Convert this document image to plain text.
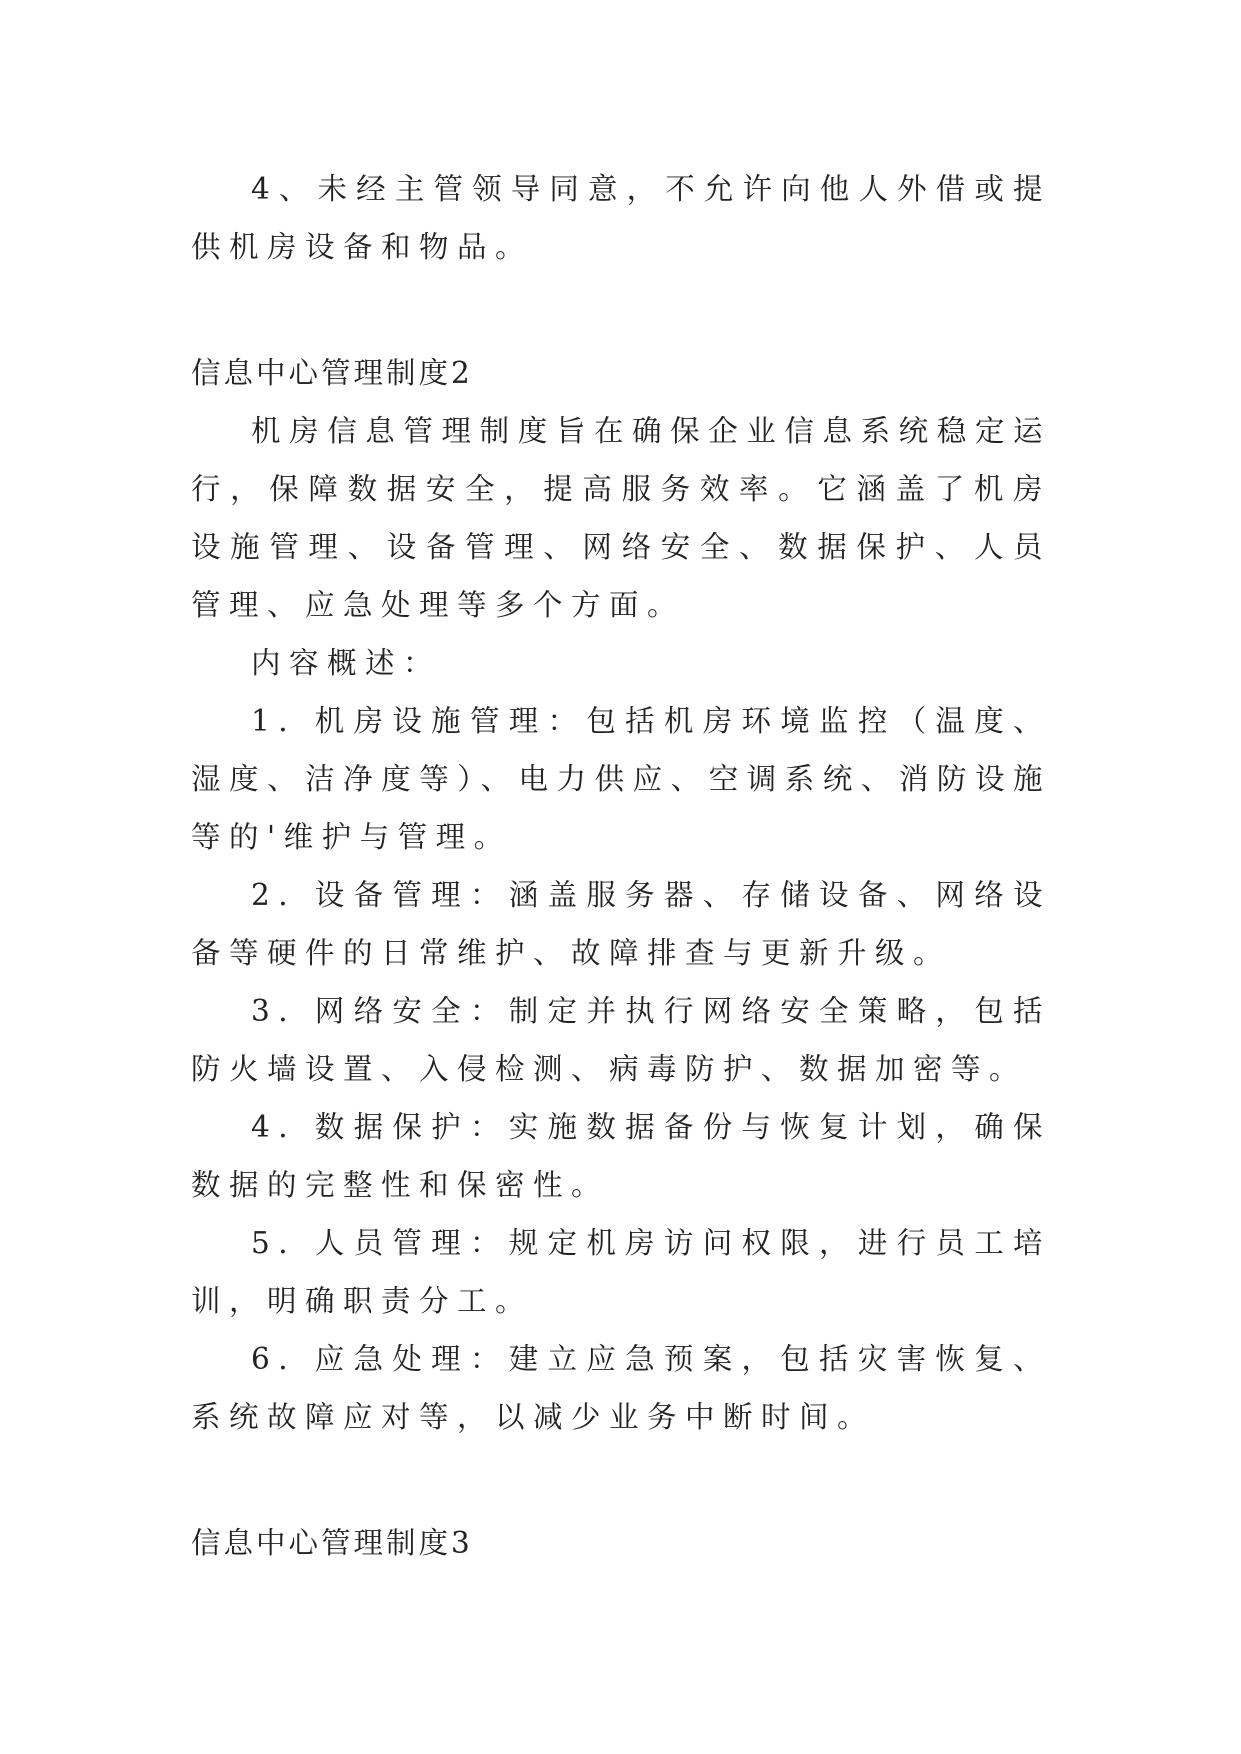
4、未经主管领导同意，不允许向他人外借或提供机房设备和物品。

信息中心管理制度2

机房信息管理制度旨在确保企业信息系统稳定运行，保障数据安全，提高服务效率。它涵盖了机房设施管理、设备管理、网络安全、数据保护、人员管理、应急处理等多个方面。

内容概述：

1. 机房设施管理：包括机房环境监控（温度、湿度、洁净度等）、电力供应、空调系统、消防设施等的'维护与管理。

2. 设备管理：涵盖服务器、存储设备、网络设备等硬件的日常维护、故障排查与更新升级。

3. 网络安全：制定并执行网络安全策略，包括防火墙设置、入侵检测、病毒防护、数据加密等。

4. 数据保护：实施数据备份与恢复计划，确保数据的完整性和保密性。

5. 人员管理：规定机房访问权限，进行员工培训，明确职责分工。

6. 应急处理：建立应急预案，包括灾害恢复、系统故障应对等，以减少业务中断时间。

信息中心管理制度3
